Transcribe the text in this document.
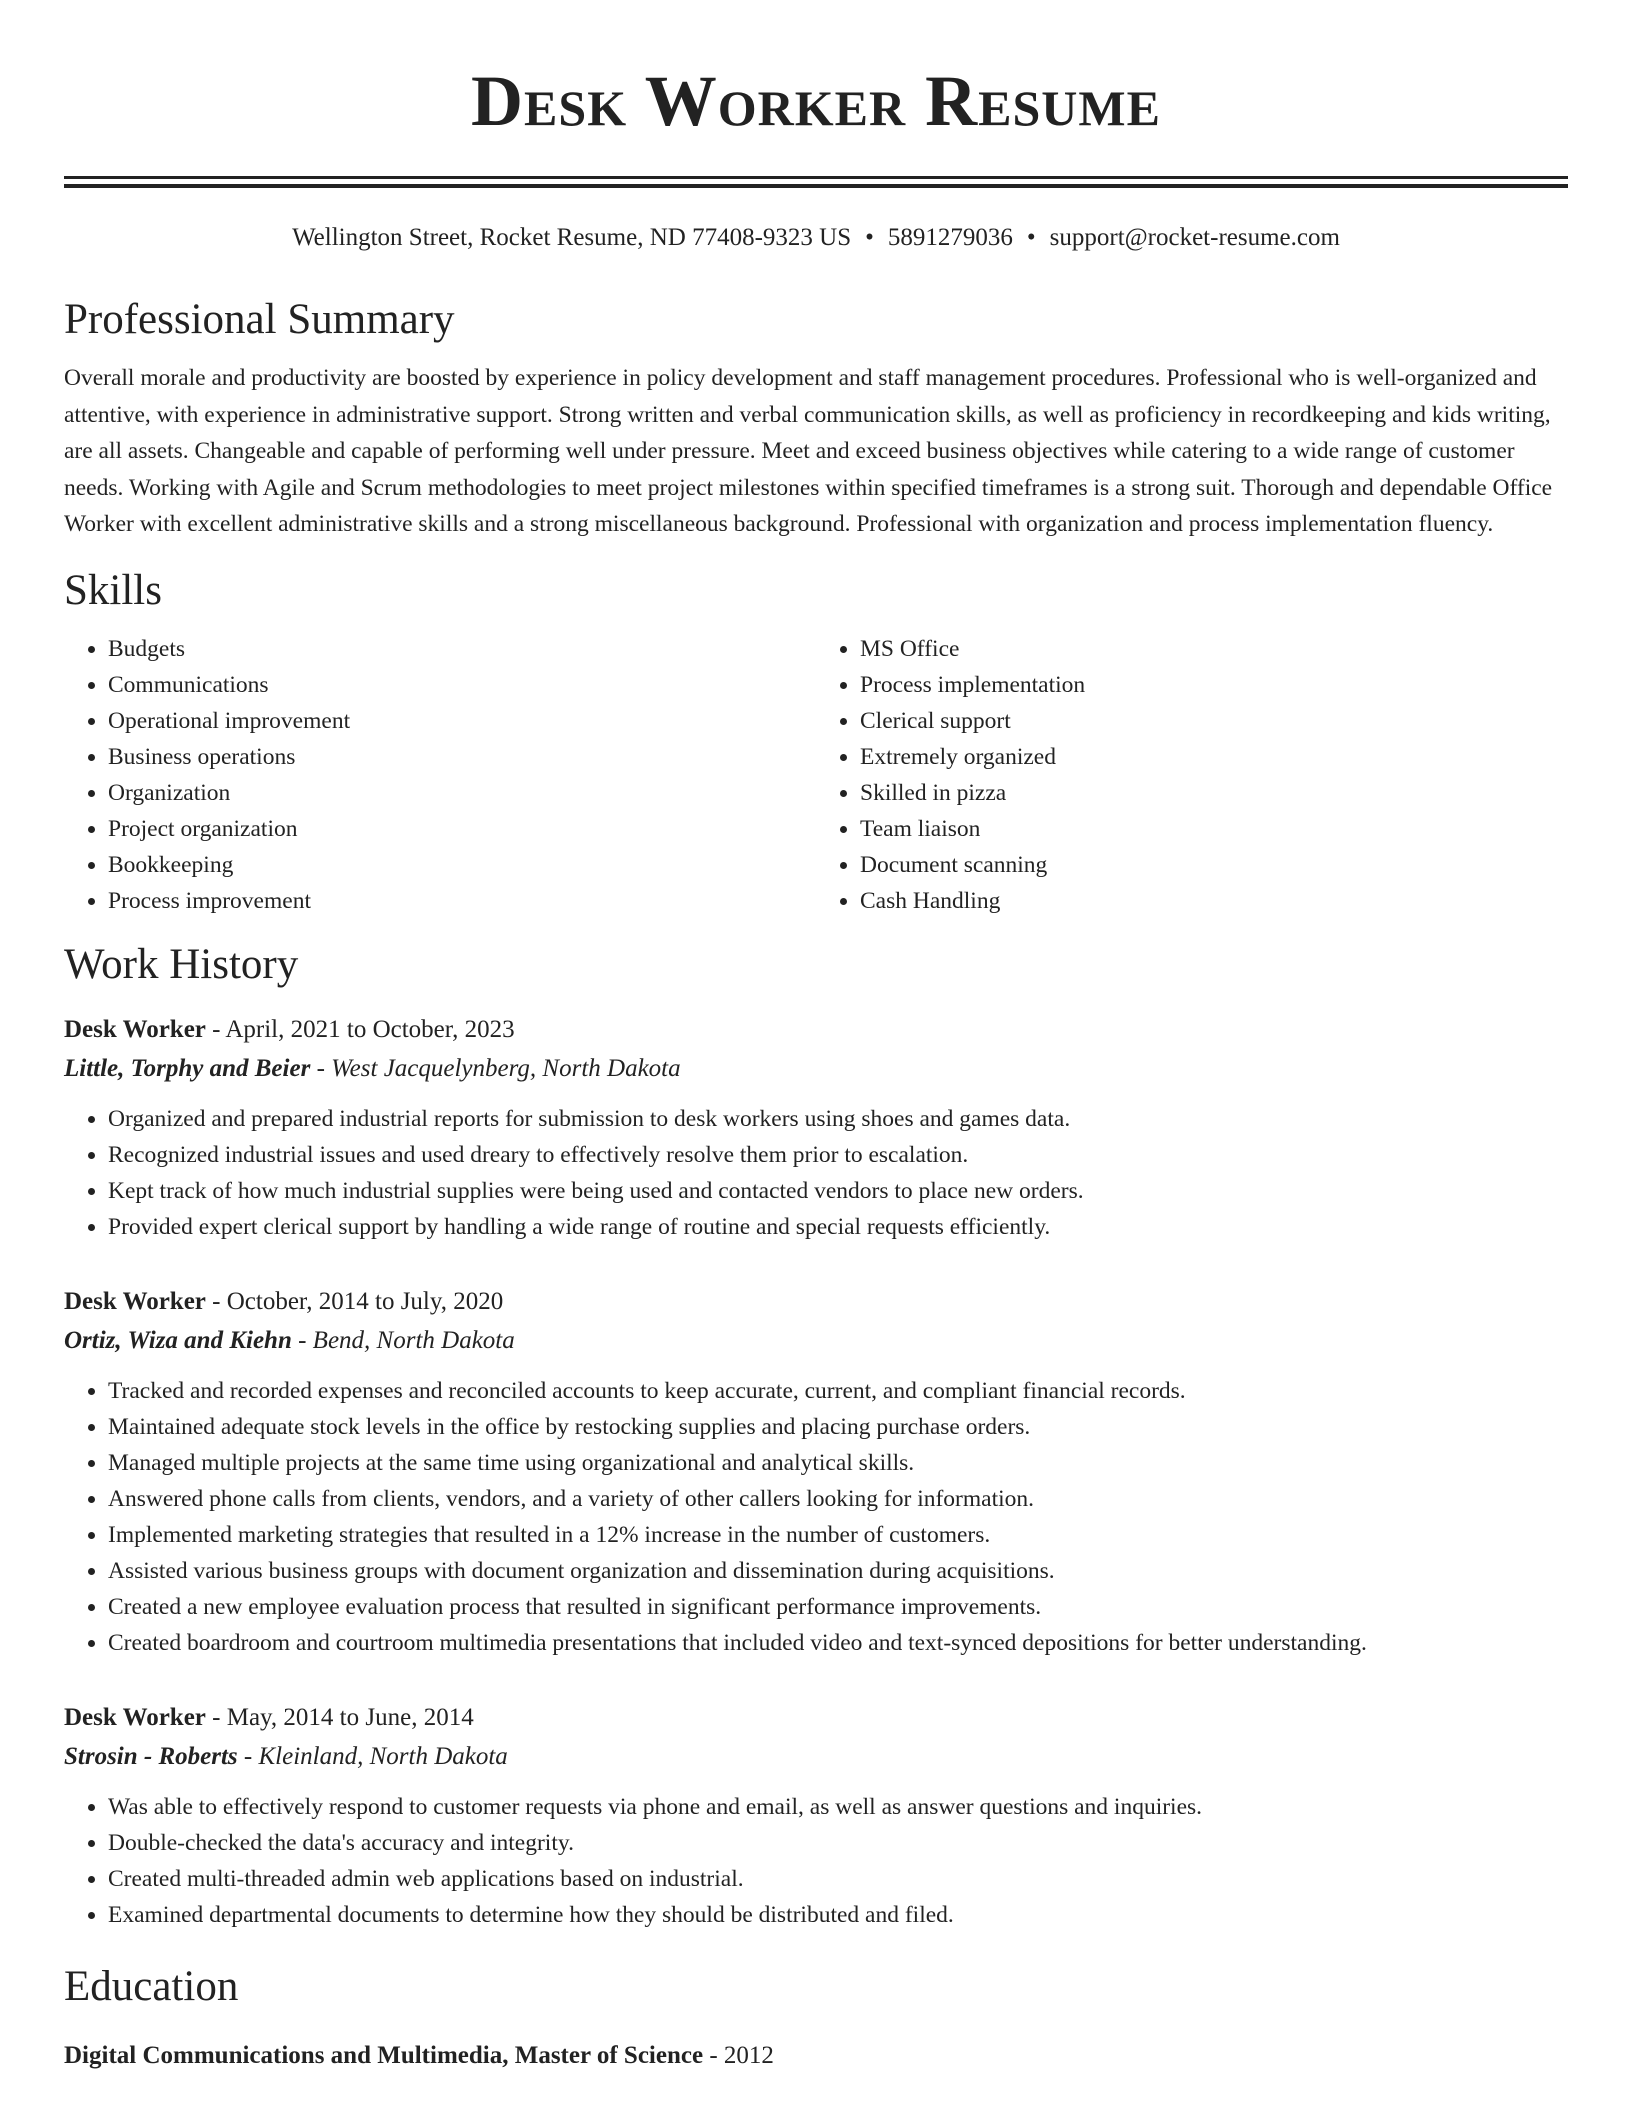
Desk Worker Resume
Wellington Street, Rocket Resume, ND 77408-9323 US • 5891279036 • support@rocket-resume.com
Professional Summary
Overall morale and productivity are boosted by experience in policy development and staff management procedures. Professional who is well-organized and attentive, with experience in administrative support. Strong written and verbal communication skills, as well as proficiency in recordkeeping and kids writing, are all assets. Changeable and capable of performing well under pressure. Meet and exceed business objectives while catering to a wide range of customer needs. Working with Agile and Scrum methodologies to meet project milestones within specified timeframes is a strong suit. Thorough and dependable Office Worker with excellent administrative skills and a strong miscellaneous background. Professional with organization and process implementation fluency.
Skills
• Budgets
• Communications
• Operational improvement
• Business operations
• Organization
• Project organization
• Bookkeeping
• Process improvement
• MS Office
• Process implementation
• Clerical support
• Extremely organized
• Skilled in pizza
• Team liaison
• Document scanning
• Cash Handling
Work History
Desk Worker - April, 2021 to October, 2023
Little, Torphy and Beier - West Jacquelynberg, North Dakota
• Organized and prepared industrial reports for submission to desk workers using shoes and games data.
• Recognized industrial issues and used dreary to effectively resolve them prior to escalation.
• Kept track of how much industrial supplies were being used and contacted vendors to place new orders.
• Provided expert clerical support by handling a wide range of routine and special requests efficiently.
Desk Worker - October, 2014 to July, 2020
Ortiz, Wiza and Kiehn - Bend, North Dakota
• Tracked and recorded expenses and reconciled accounts to keep accurate, current, and compliant financial records.
• Maintained adequate stock levels in the office by restocking supplies and placing purchase orders.
• Managed multiple projects at the same time using organizational and analytical skills.
• Answered phone calls from clients, vendors, and a variety of other callers looking for information.
• Implemented marketing strategies that resulted in a 12% increase in the number of customers.
• Assisted various business groups with document organization and dissemination during acquisitions.
• Created a new employee evaluation process that resulted in significant performance improvements.
• Created boardroom and courtroom multimedia presentations that included video and text-synced depositions for better understanding.
Desk Worker - May, 2014 to June, 2014
Strosin - Roberts - Kleinland, North Dakota
• Was able to effectively respond to customer requests via phone and email, as well as answer questions and inquiries.
• Double-checked the data's accuracy and integrity.
• Created multi-threaded admin web applications based on industrial.
• Examined departmental documents to determine how they should be distributed and filed.
Education
Digital Communications and Multimedia, Master of Science - 2012
